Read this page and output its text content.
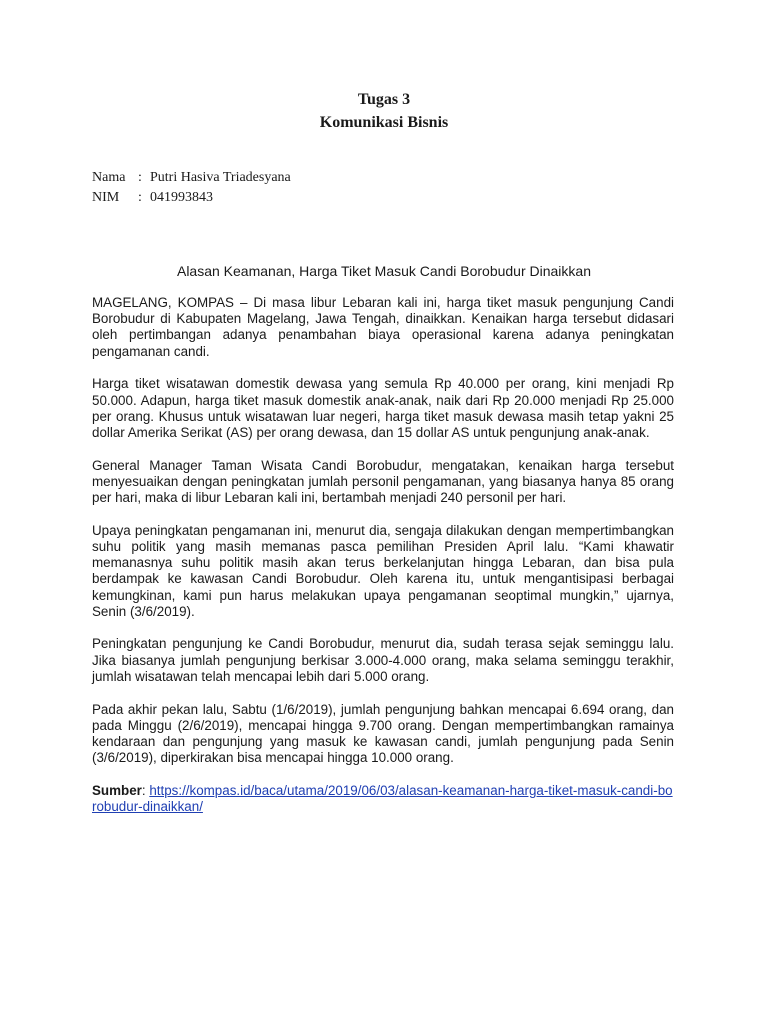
Tugas 3
Komunikasi Bisnis
Nama : Putri Hasiva Triadesyana
NIM	: 041993843
Alasan Keamanan, Harga Tiket Masuk Candi Borobudur Dinaikkan

MAGELANG, KOMPAS – Di masa libur Lebaran kali ini, harga tiket masuk pengunjung Candi Borobudur di Kabupaten Magelang, Jawa Tengah, dinaikkan. Kenaikan harga tersebut didasari oleh pertimbangan adanya penambahan biaya operasional karena adanya peningkatan pengamanan candi.

Harga tiket wisatawan domestik dewasa yang semula Rp 40.000 per orang, kini menjadi Rp 50.000. Adapun, harga tiket masuk domestik anak-anak, naik dari Rp 20.000 menjadi Rp 25.000 per orang. Khusus untuk wisatawan luar negeri, harga tiket masuk dewasa masih tetap yakni 25 dollar Amerika Serikat (AS) per orang dewasa, dan 15 dollar AS untuk pengunjung anak-anak.

General Manager Taman Wisata Candi Borobudur, mengatakan, kenaikan harga tersebut menyesuaikan dengan peningkatan jumlah personil pengamanan, yang biasanya hanya 85 orang per hari, maka di libur Lebaran kali ini, bertambah menjadi 240 personil per hari.

Upaya peningkatan pengamanan ini, menurut dia, sengaja dilakukan dengan mempertimbangkan suhu politik yang masih memanas pasca pemilihan Presiden April lalu. “Kami khawatir memanasnya suhu politik masih akan terus berkelanjutan hingga Lebaran, dan bisa pula berdampak ke kawasan Candi Borobudur. Oleh karena itu, untuk mengantisipasi berbagai kemungkinan, kami pun harus melakukan upaya pengamanan seoptimal mungkin,” ujarnya, Senin (3/6/2019).

Peningkatan pengunjung ke Candi Borobudur, menurut dia, sudah terasa sejak seminggu lalu. Jika biasanya jumlah pengunjung berkisar 3.000-4.000 orang, maka selama seminggu terakhir, jumlah wisatawan telah mencapai lebih dari 5.000 orang.

Pada akhir pekan lalu, Sabtu (1/6/2019), jumlah pengunjung bahkan mencapai 6.694 orang, dan pada Minggu (2/6/2019), mencapai hingga 9.700 orang. Dengan mempertimbangkan ramainya kendaraan dan pengunjung yang masuk ke kawasan candi, jumlah pengunjung pada Senin (3/6/2019), diperkirakan bisa mencapai hingga 10.000 orang.

Sumber: https://kompas.id/baca/utama/2019/06/03/alasan-keamanan-harga-tiket-masuk-candi-borobudur-dinaikkan/
